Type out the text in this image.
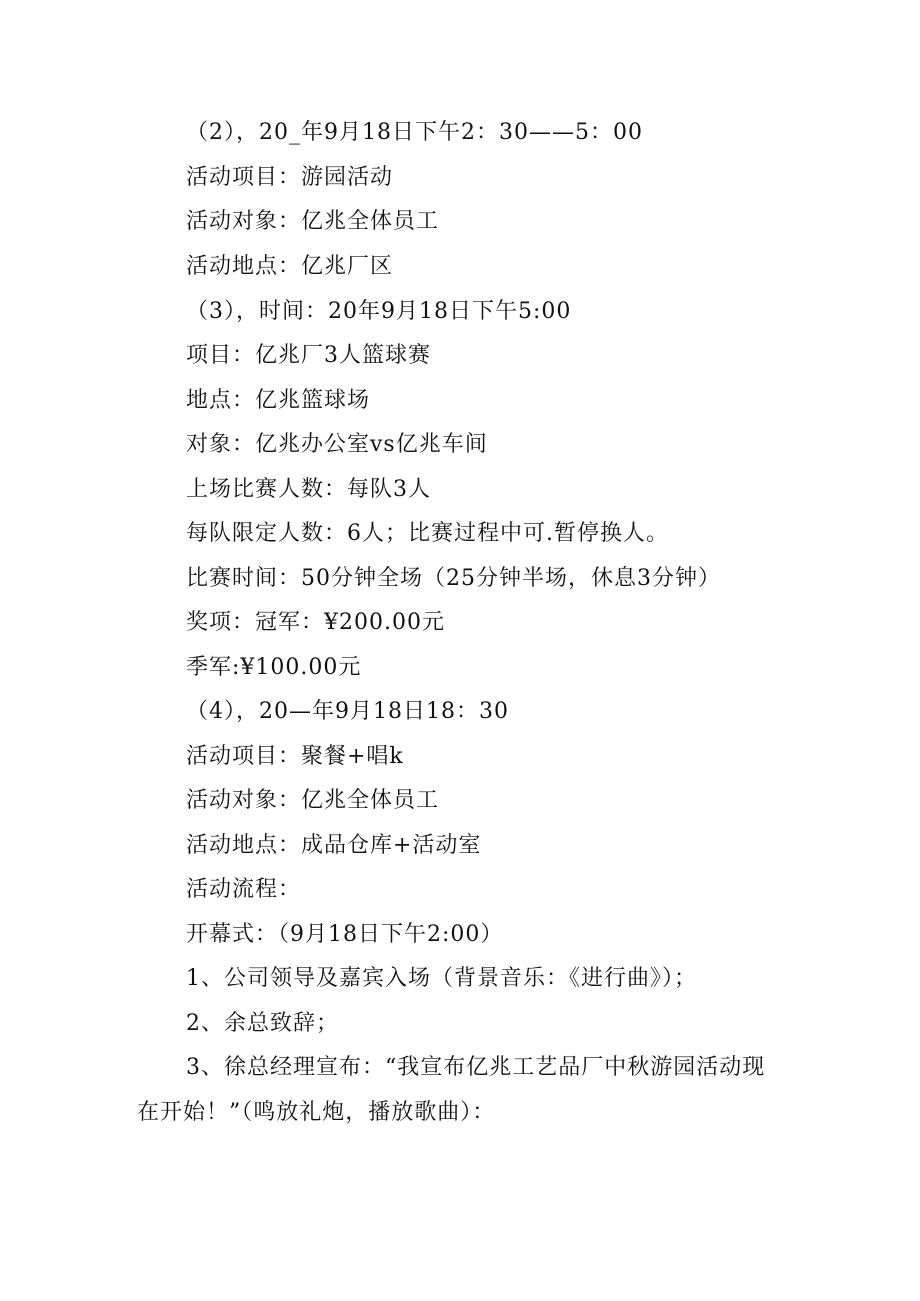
（2），20_年9月18日下午2：30——5：00
活动项目：游园活动
活动对象：亿兆全体员工
活动地点：亿兆厂区
（3），时间：20年9月18日下午5:00
项目：亿兆厂3人篮球赛
地点：亿兆篮球场
对象：亿兆办公室vs亿兆车间
上场比赛人数：每队3人
每队限定人数：6人；比赛过程中可.暂停换人。
比赛时间：50分钟全场（25分钟半场，休息3分钟）
奖项：冠军：¥200.00元
季军:¥100.00元
（4），20—年9月18日18：30
活动项目：聚餐+唱k
活动对象：亿兆全体员工
活动地点：成品仓库+活动室
活动流程：
开幕式：（9月18日下午2:00）
1、公司领导及嘉宾入场（背景音乐：《进行曲》）；
2、余总致辞；
3、徐总经理宣布：“我宣布亿兆工艺品厂中秋游园活动现
在开始！”（鸣放礼炮，播放歌曲）：
